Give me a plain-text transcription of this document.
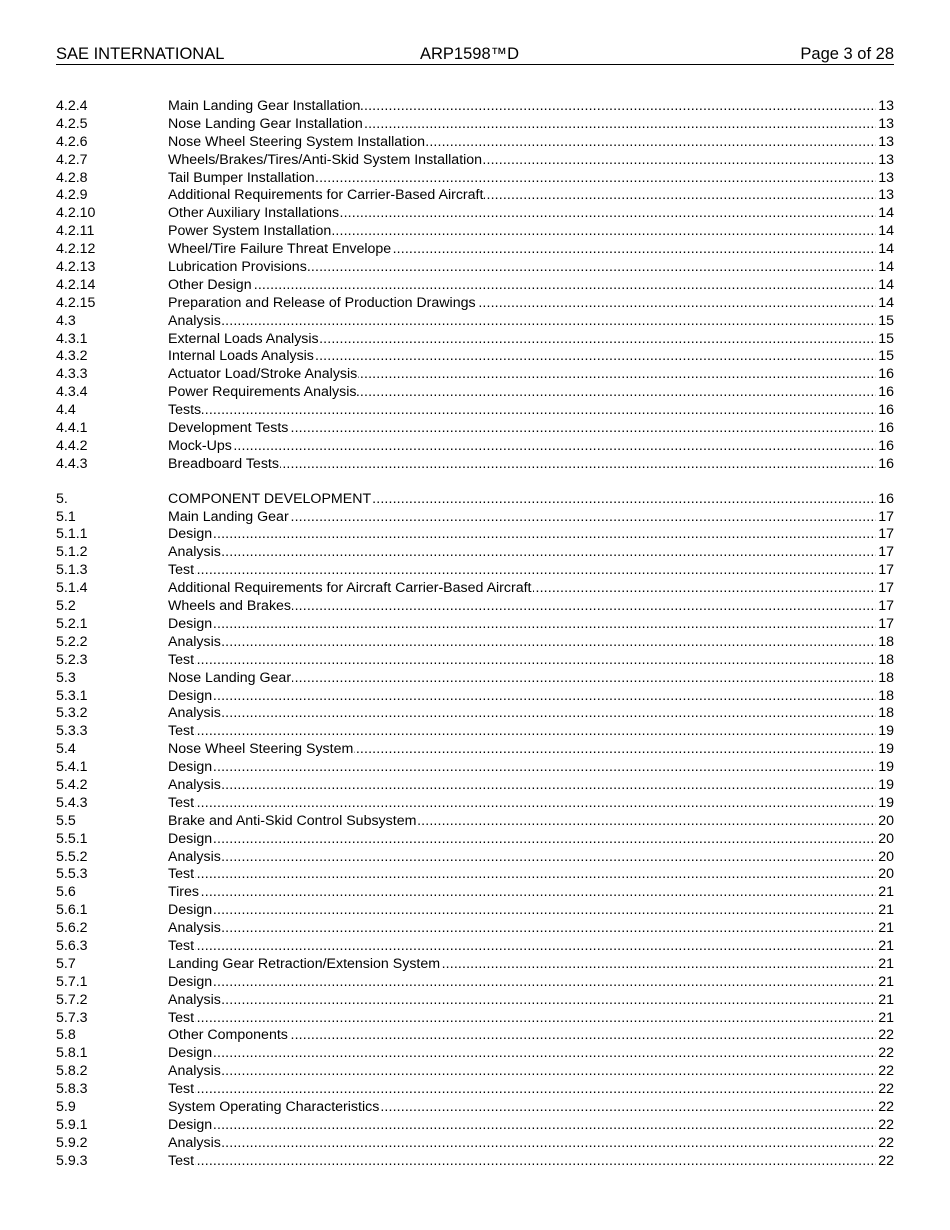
SAE INTERNATIONAL	ARP1598™D	Page 3 of 28
4.2.4	Main Landing Gear Installation	13
. . .
4.2.5	Nose Landing Gear Installation	13
. . .
4.2.6	Nose Wheel Steering System Installation	13
. . .
4.2.7	Wheels/Brakes/Tires/Anti-Skid System Installation	13
. . .
4.2.8	Tail Bumper Installation	13
. . .
4.2.9	Additional Requirements for Carrier-Based Aircraft	13
. . .
4.2.10	Other Auxiliary Installations	14
. . .
4.2.11	Power System Installation	14
. . .
4.2.12	Wheel/Tire Failure Threat Envelope	14
. . .
4.2.13	Lubrication Provisions	14
. . .
4.2.14	Other Design	14
. . .
4.2.15	Preparation and Release of Production Drawings	14
. . .
4.3	Analysis	15
. . .
4.3.1	External Loads Analysis	15
. . .
4.3.2	Internal Loads Analysis	15
. . .
4.3.3	Actuator Load/Stroke Analysis	16
. . .
4.3.4	Power Requirements Analysis	16
. . .
4.4	Tests	16
. . .
4.4.1	Development Tests	16
. . .
4.4.2	Mock-Ups	16
. . .
4.4.3	Breadboard Tests	16
. . .
5.	COMPONENT DEVELOPMENT	16
. . .
5.1	Main Landing Gear	17
. . .
5.1.1	Design	17
. . .
5.1.2	Analysis	17
. . .
5.1.3	Test	17
. . .
5.1.4	Additional Requirements for Aircraft Carrier-Based Aircraft	17
. . .
5.2	Wheels and Brakes	17
. . .
5.2.1	Design	17
. . .
5.2.2	Analysis	18
. . .
5.2.3	Test	18
. . .
5.3	Nose Landing Gear	18
. . .
5.3.1	Design	18
. . .
5.3.2	Analysis	18
. . .
5.3.3	Test	19
. . .
5.4	Nose Wheel Steering System	19
. . .
5.4.1	Design	19
. . .
5.4.2	Analysis	19
. . .
5.4.3	Test	19
. . .
5.5	Brake and Anti-Skid Control Subsystem	20
. . .
5.5.1	Design	20
. . .
5.5.2	Analysis	20
. . .
5.5.3	Test	20
. . .
5.6	Tires	21
. . .
5.6.1	Design	21
. . .
5.6.2	Analysis	21
. . .
5.6.3	Test	21
. . .
5.7	Landing Gear Retraction/Extension System	21
. . .
5.7.1	Design	21
. . .
5.7.2	Analysis	21
. . .
5.7.3	Test	21
. . .
5.8	Other Components	22
. . .
5.8.1	Design	22
. . .
5.8.2	Analysis	22
. . .
5.8.3	Test	22
. . .
5.9	System Operating Characteristics	22
. . .
5.9.1	Design	22
. . .
5.9.2	Analysis	22
. . .
5.9.3	Test	22
. . .
